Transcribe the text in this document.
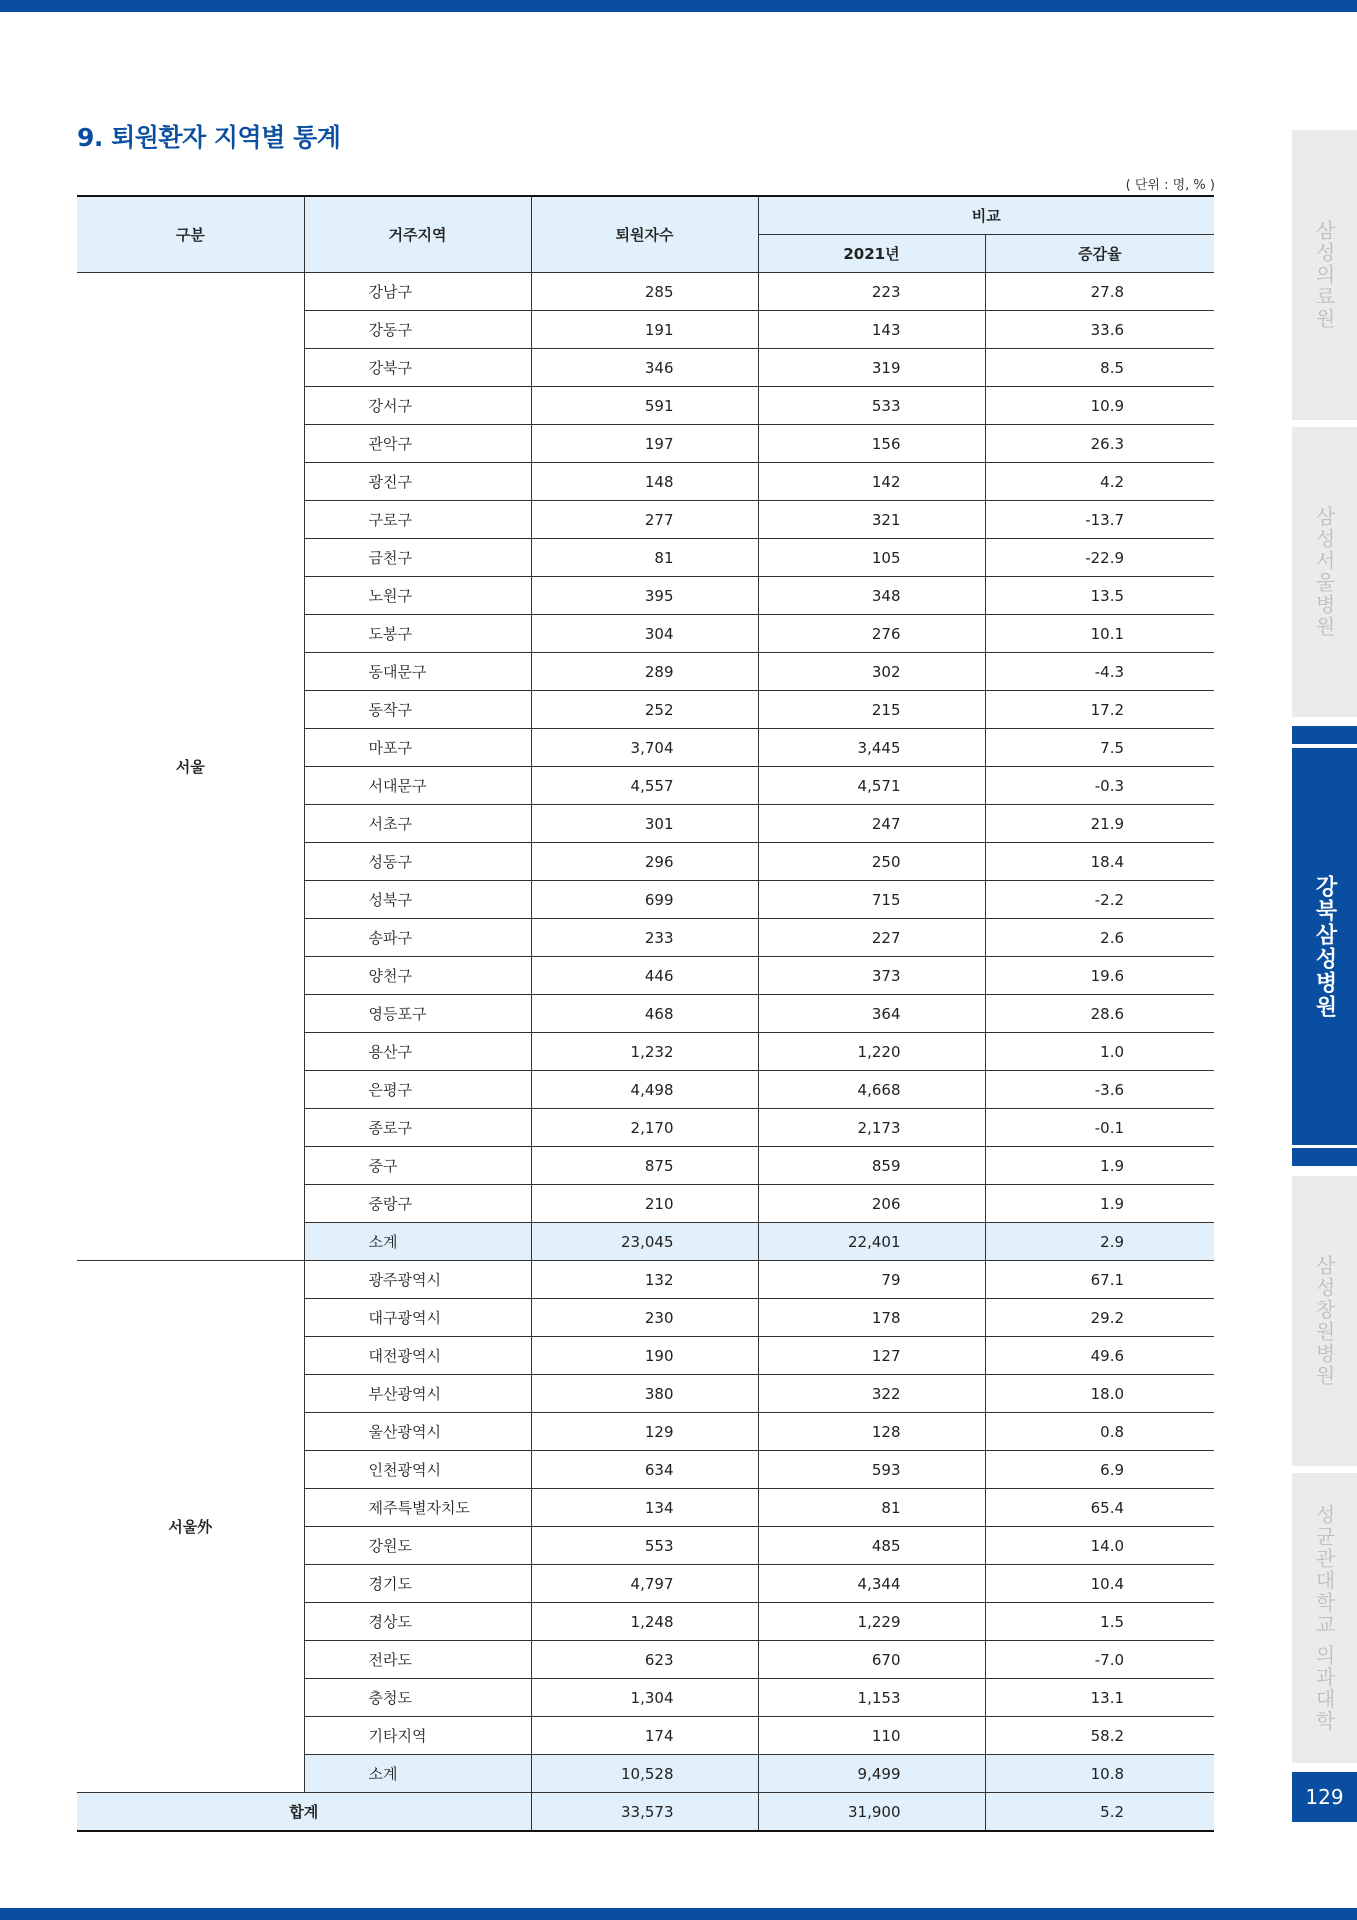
9. 퇴원환자 지역별 통계
( 단위 : 명, % )
구분	거주지역	퇴원자수	비교	
			2021년	증감율
서울	강남구	285	223	27.8
	강동구	191	143	33.6
	강북구	346	319	8.5
	강서구	591	533	10.9
	관악구	197	156	26.3
	광진구	148	142	4.2
	구로구	277	321	-13.7
	금천구	81	105	-22.9
	노원구	395	348	13.5
	도봉구	304	276	10.1
	동대문구	289	302	-4.3
	동작구	252	215	17.2
	마포구	3,704	3,445	7.5
	서대문구	4,557	4,571	-0.3
	서초구	301	247	21.9
	성동구	296	250	18.4
	성북구	699	715	-2.2
	송파구	233	227	2.6
	양천구	446	373	19.6
	영등포구	468	364	28.6
	용산구	1,232	1,220	1.0
	은평구	4,498	4,668	-3.6
	종로구	2,170	2,173	-0.1
	중구	875	859	1.9
	중랑구	210	206	1.9
	소계	23,045	22,401	2.9
서울外	광주광역시	132	79	67.1
	대구광역시	230	178	29.2
	대전광역시	190	127	49.6
	부산광역시	380	322	18.0
	울산광역시	129	128	0.8
	인천광역시	634	593	6.9
	제주특별자치도	134	81	65.4
	강원도	553	485	14.0
	경기도	4,797	4,344	10.4
	경상도	1,248	1,229	1.5
	전라도	623	670	-7.0
	충청도	1,304	1,153	13.1
	기타지역	174	110	58.2
	소계	10,528	9,499	10.8
합계		33,573	31,900	5.2
삼성의료원
삼성서울병원
강북삼성병원
삼성창원병원
성균관대학교 의과대학
129
